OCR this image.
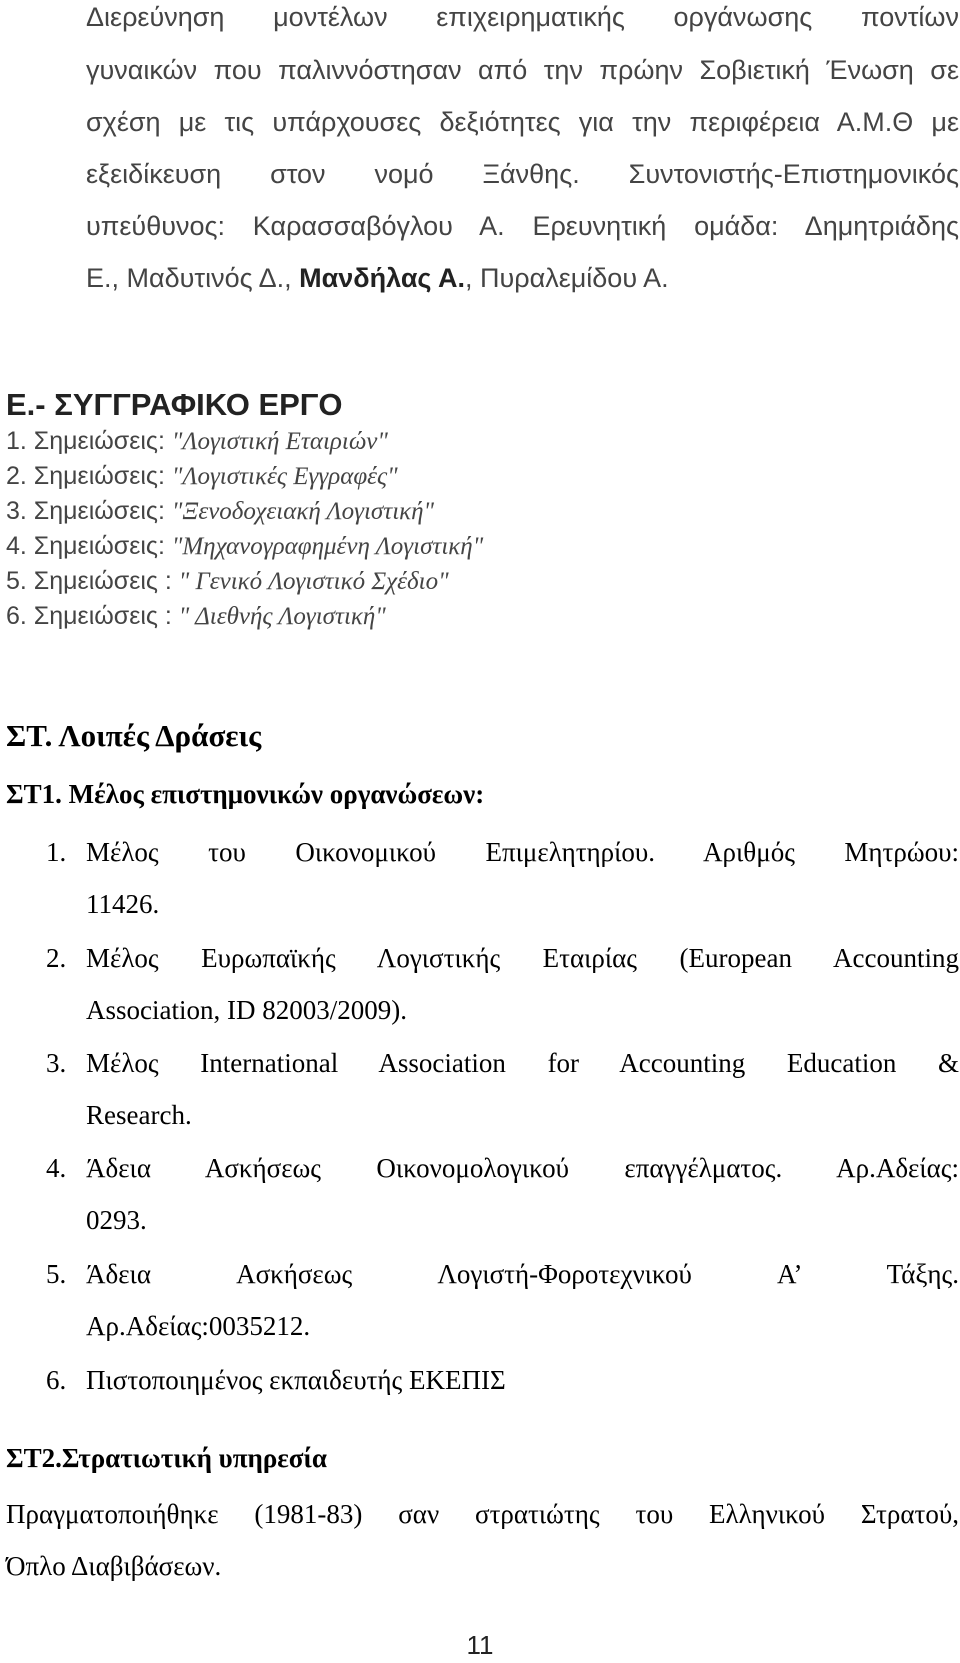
Διερεύνηση μοντέλων επιχειρηματικής οργάνωσης ποντίων
γυναικών που παλιννόστησαν από την πρώην Σοβιετική Ένωση σε
σχέση με τις υπάρχουσες δεξιότητες για την περιφέρεια Α.Μ.Θ με
εξειδίκευση στον νομό Ξάνθης. Συντονιστής-Επιστημονικός
υπεύθυνος: Καρασσαβόγλου Α. Ερευνητική ομάδα: Δημητριάδης
Ε., Μαδυτινός Δ., Μανδήλας Α., Πυραλεμίδου Α.
Ε.- ΣΥΓΓΡΑΦΙΚΟ ΕΡΓΟ
1. Σημειώσεις: "Λογιστική Εταιριών"
2. Σημειώσεις: "Λογιστικές Εγγραφές"
3. Σημειώσεις: "Ξενοδοχειακή Λογιστική"
4. Σημειώσεις: "Μηχανογραφημένη Λογιστική"
5. Σημειώσεις : " Γενικό Λογιστικό Σχέδιο"
6. Σημειώσεις : " Διεθνής Λογιστική"
ΣΤ. Λοιπές Δράσεις
ΣΤ1. Μέλος επιστημονικών οργανώσεων:
1. Μέλος του Οικονομικού Επιμελητηρίου. Αριθμός Μητρώου:
11426.
2. Μέλος Ευρωπαϊκής Λογιστικής Εταιρίας (European Accounting
Association, ID 82003/2009).
3. Μέλος International Association for Accounting Education &
Research.
4. Άδεια Ασκήσεως Οικονομολογικού επαγγέλματος. Αρ.Αδείας:
0293.
5. Άδεια Ασκήσεως Λογιστή-Φοροτεχνικού Α’ Τάξης.
Αρ.Αδείας:0035212.
6. Πιστοποιημένος εκπαιδευτής ΕΚΕΠΙΣ
ΣΤ2.Στρατιωτική υπηρεσία
Πραγματοποιήθηκε (1981-83) σαν στρατιώτης του Ελληνικού Στρατού,
Όπλο Διαβιβάσεων.
11
